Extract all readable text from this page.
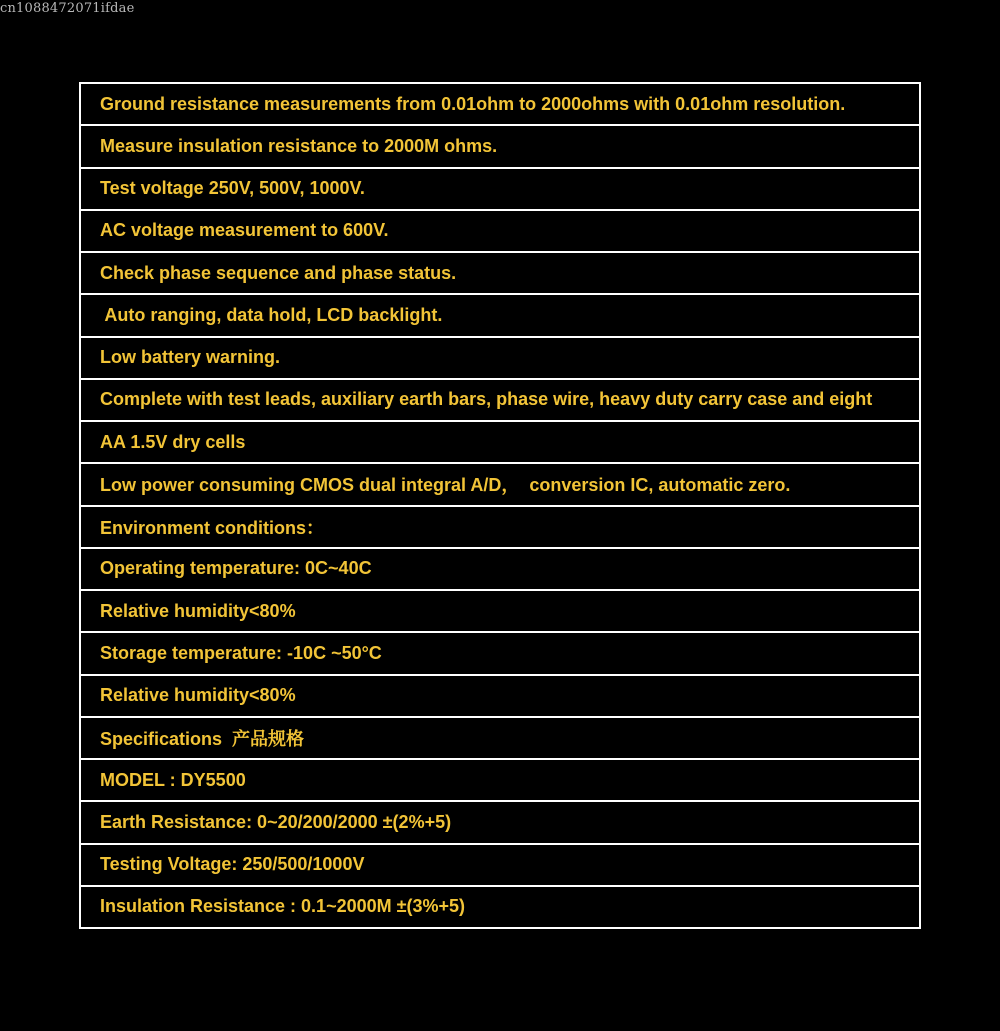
cn1088472071ifdae
Ground resistance measurements from 0.01ohm to 2000ohms with 0.01ohm resolution.
Measure insulation resistance to 2000M ohms.
Test voltage 250V, 500V, 1000V.
AC voltage measurement to 600V.
Check phase sequence and phase status.
Auto ranging, data hold, LCD backlight.
Low battery warning.
Complete with test leads, auxiliary earth bars, phase wire, heavy duty carry case and eight
AA 1.5V dry cells
Low power consuming CMOS dual integral A/D，  conversion IC, automatic zero.
Environment conditions：
Operating temperature: 0C~40C
Relative humidity<80%
Storage temperature: -10C ~50°C
Relative humidity<80%
Specifications  产品规格
MODEL : DY5500
Earth Resistance: 0~20/200/2000 ±(2%+5)
Testing Voltage: 250/500/1000V
Insulation Resistance : 0.1~2000M ±(3%+5)
